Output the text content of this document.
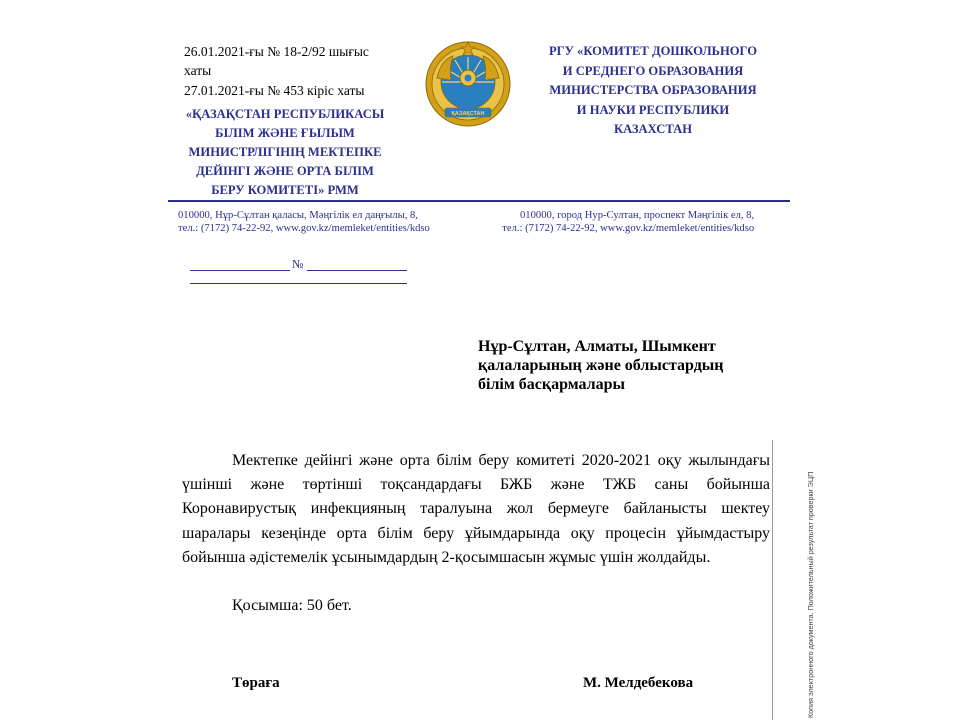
26.01.2021-ғы № 18-2/92 шығыс
хаты
27.01.2021-ғы № 453 кіріс хаты
«ҚАЗАҚСТАН РЕСПУБЛИКАСЫ
БІЛІМ ЖӘНЕ ҒЫЛЫМ
МИНИСТРЛІГІНІҢ МЕКТЕПКЕ
ДЕЙІНГІ ЖӘНЕ ОРТА БІЛІМ
БЕРУ КОМИТЕТІ» РММ
ҚАЗАҚСТАН
РГУ «КОМИТЕТ ДОШКОЛЬНОГО
И СРЕДНЕГО ОБРАЗОВАНИЯ
МИНИСТЕРСТВА ОБРАЗОВАНИЯ
И НАУКИ РЕСПУБЛИКИ
КАЗАХСТАН
010000, Нұр-Сұлтан қаласы, Мәңгілік ел даңғылы, 8,
тел.: (7172) 74-22-92, www.gov.kz/memleket/entities/kdso
010000, город Нур-Султан, проспект Мәңгілік ел, 8,
тел.: (7172) 74-22-92, www.gov.kz/memleket/entities/kdso
№
Нұр-Сұлтан, Алматы, Шымкент
қалаларының және облыстардың
білім басқармалары
Мектепке дейінгі және орта білім беру комитеті 2020-2021 оқу жылындағы үшінші және төртінші тоқсандардағы БЖБ және ТЖБ саны бойынша Коронавирустық инфекцияның таралуына жол бермеуге байланысты шектеу шаралары кезеңінде орта білім беру ұйымдарында оқу процесін ұйымдастыру бойынша әдістемелік ұсынымдардың 2-қосымшасын жұмыс үшін жолдайды.
Қосымша: 50 бет.
Төраға	М. Мелдебекова	Копия электронного документа. Положительный результат проверки ЭЦП
